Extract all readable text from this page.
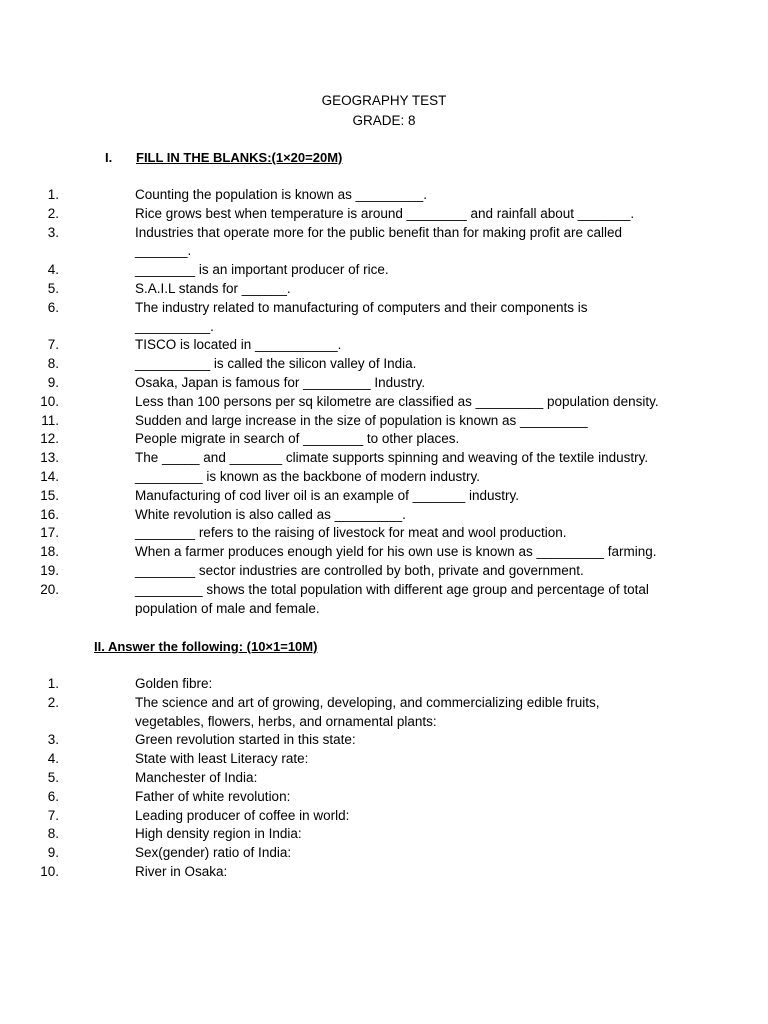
GEOGRAPHY TEST
GRADE: 8
I. FILL IN THE BLANKS:(1×20=20M)
1.	Counting the population is known as _________.
2.	Rice grows best when temperature is around ________ and rainfall about _______.
3.	Industries that operate more for the public benefit than for making profit are called
_______.
4.	________ is an important producer of rice.
5.	S.A.I.L stands for ______.
6.	The industry related to manufacturing of computers and their components is
__________.
7.	TISCO is located in ___________.
8.	__________ is called the silicon valley of India.
9.	Osaka, Japan is famous for _________ Industry.
10.	Less than 100 persons per sq kilometre are classified as _________ population density.
11.	Sudden and large increase in the size of population is known as _________
12.	People migrate in search of ________ to other places.
13.	The _____ and _______ climate supports spinning and weaving of the textile industry.
14.	_________ is known as the backbone of modern industry.
15.	Manufacturing of cod liver oil is an example of _______ industry.
16.	White revolution is also called as _________.
17.	________ refers to the raising of livestock for meat and wool production.
18.	When a farmer produces enough yield for his own use is known as _________ farming.
19.	________ sector industries are controlled by both, private and government.
20.	_________ shows the total population with different age group and percentage of total
population of male and female.
II. Answer the following: (10×1=10M)
1.	Golden fibre:
2.	The science and art of growing, developing, and commercializing edible fruits,
vegetables, flowers, herbs, and ornamental plants:
3.	Green revolution started in this state:
4.	State with least Literacy rate:
5.	Manchester of India:
6.	Father of white revolution:
7.	Leading producer of coffee in world:
8.	High density region in India:
9.	Sex(gender) ratio of India:
10.	River in Osaka:
